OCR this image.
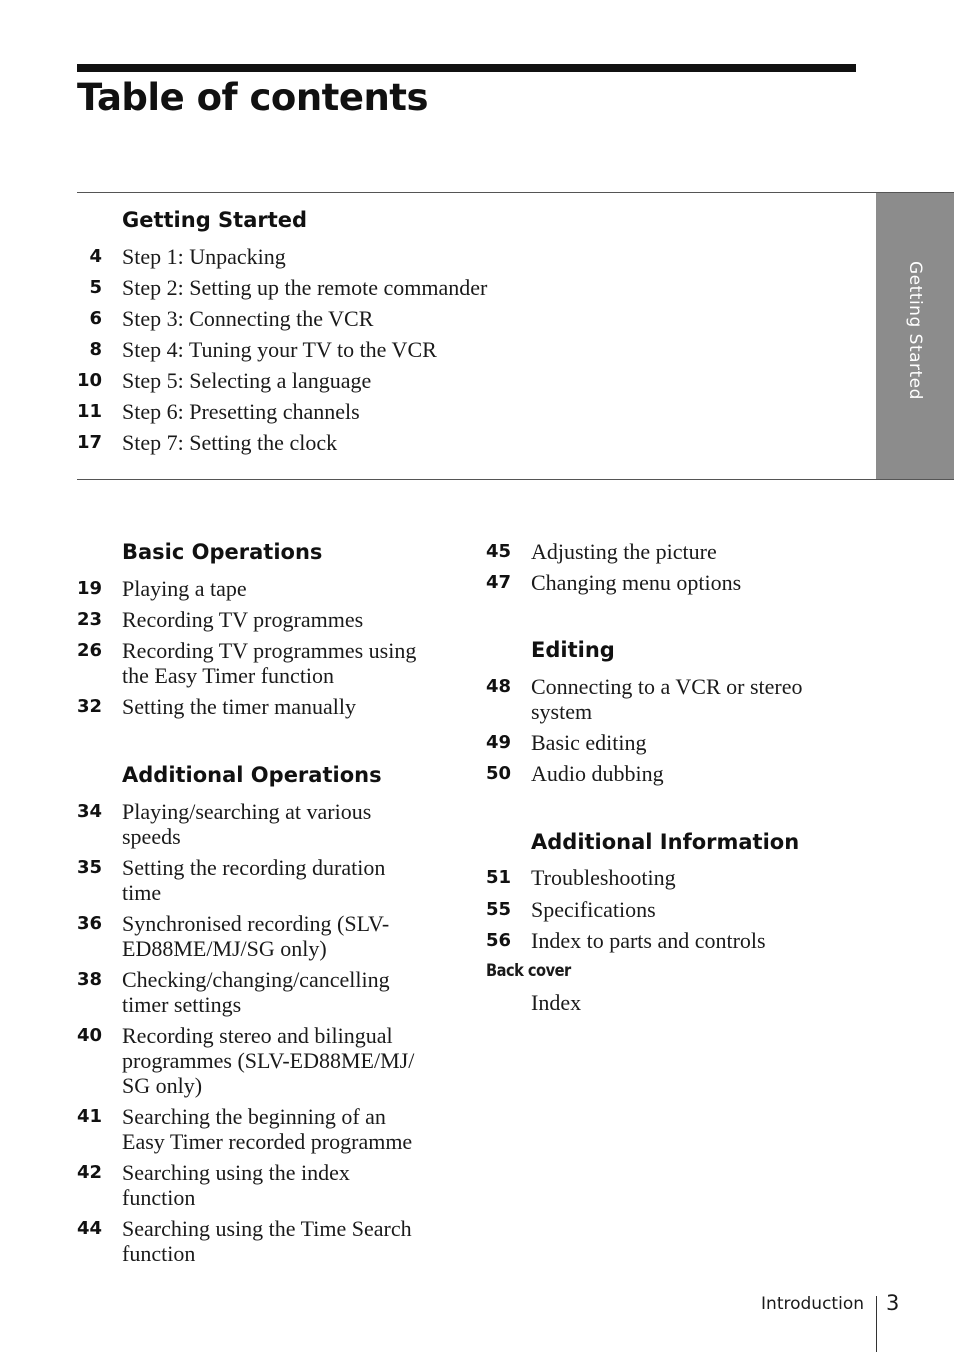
Table of contents
Getting Started
Getting Started
4 Step 1: Unpacking
5 Step 2: Setting up the remote commander
6 Step 3: Connecting the VCR
8 Step 4: Tuning your TV to the VCR
10 Step 5: Selecting a language
11 Step 6: Presetting channels
17 Step 7: Setting the clock
Basic Operations
19 Playing a tape
23 Recording TV programmes
26 Recording TV programmes using
the Easy Timer function
32 Setting the timer manually
Additional Operations
34 Playing/searching at various
speeds
35 Setting the recording duration
time
36 Synchronised recording (SLV-
ED88ME/MJ/SG only)
38 Checking/changing/cancelling
timer settings
40 Recording stereo and bilingual
programmes (SLV-ED88ME/MJ/
SG only)
41 Searching the beginning of an
Easy Timer recorded programme
42 Searching using the index
function
44 Searching using the Time Search
function
45 Adjusting the picture
47 Changing menu options
Editing
48 Connecting to a VCR or stereo
system
49 Basic editing
50 Audio dubbing
Additional Information
51 Troubleshooting
55 Specifications
56 Index to parts and controls
Back cover
Index
Introduction 3
